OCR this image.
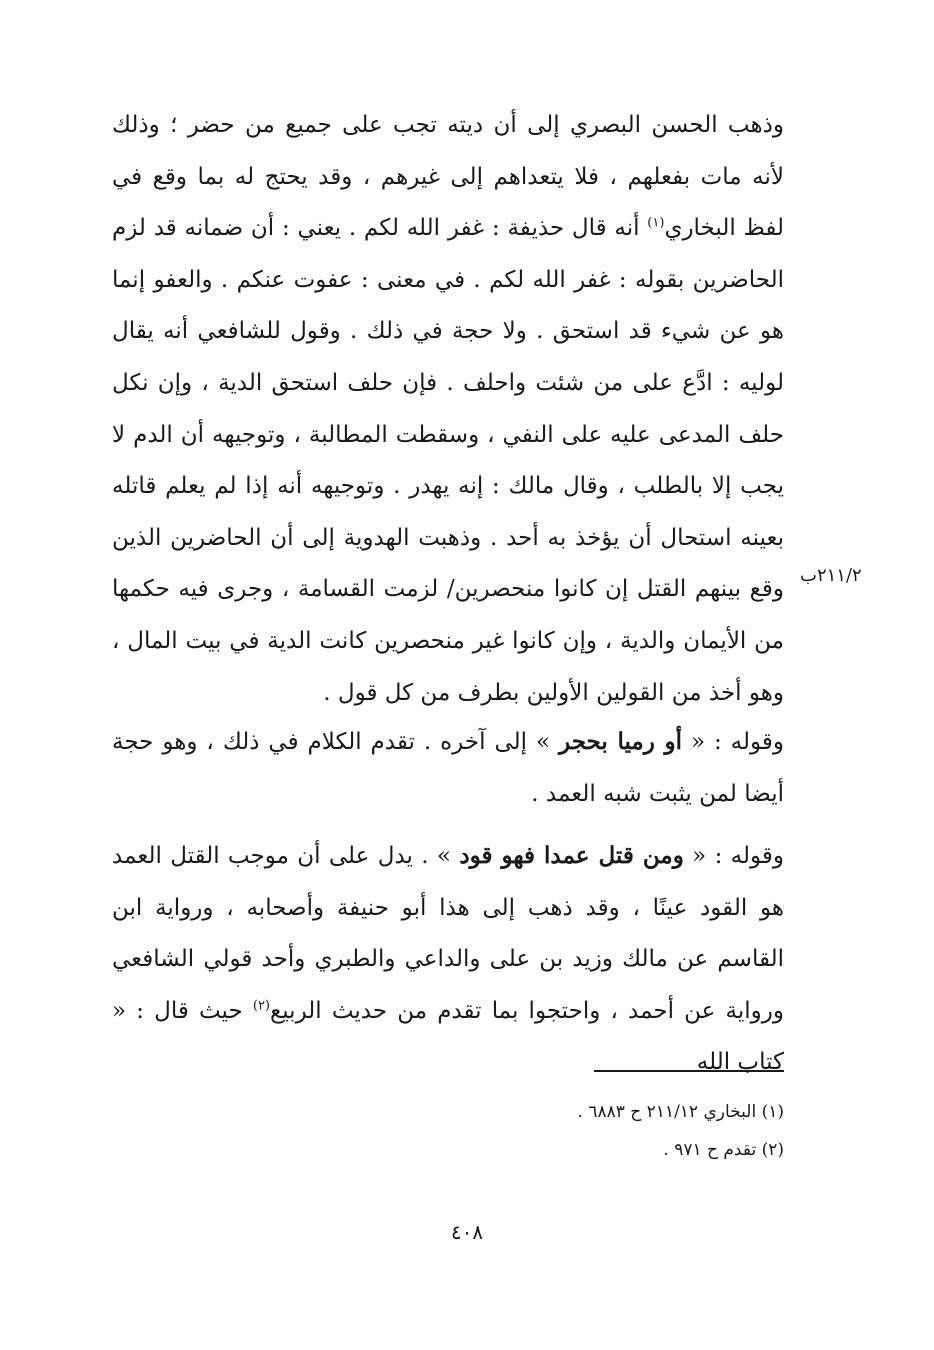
وذهب الحسن البصري إلى أن ديته تجب على جميع من حضر ؛ وذلك لأنه مات بفعلهم ، فلا يتعداهم إلى غيرهم ، وقد يحتج له بما وقع في لفظ البخاري$^{(١)}$ أنه قال حذيفة : غفر الله لكم . يعني : أن ضمانه قد لزم الحاضرين بقوله : غفر الله لكم . في معنى : عفوت عنكم . والعفو إنما هو عن شيء قد استحق . ولا حجة في ذلك . وقول للشافعي أنه يقال لوليه : ادَّع على من شئت واحلف . فإن حلف استحق الدية ، وإن نكل حلف المدعى عليه على النفي ، وسقطت المطالبة ، وتوجيهه أن الدم لا يجب إلا بالطلب ، وقال مالك : إنه يهدر . وتوجيهه أنه إذا لم يعلم قاتله بعينه استحال أن يؤخذ به أحد . وذهبت الهدوية إلى أن الحاضرين الذين وقع بينهم القتل إن كانوا منحصرين/ لزمت القسامة ، وجرى فيه حكمها من الأيمان والدية ، وإن كانوا غير منحصرين كانت الدية في بيت المال ، وهو أخذ من القولين الأولين بطرف من كل قول .

٢١١/٢ب

وقوله : « أو رميا بحجر » إلى آخره . تقدم الكلام في ذلك ، وهو حجة أيضا لمن يثبت شبه العمد .

وقوله : « ومن قتل عمدا فهو قود » . يدل على أن موجب القتل العمد هو القود عينًا ، وقد ذهب إلى هذا أبو حنيفة وأصحابه ، ورواية ابن القاسم عن مالك وزيد بن على والداعي والطبري وأحد قولي الشافعي ورواية عن أحمد ، واحتجوا بما تقدم من حديث الربيع$^{(٢)}$ حيث قال : « كتاب الله

(١) البخاري ٢١١/١٢ ح ٦٨٨٣ .
(٢) تقدم ح ٩٧١ .
٤٠٨
